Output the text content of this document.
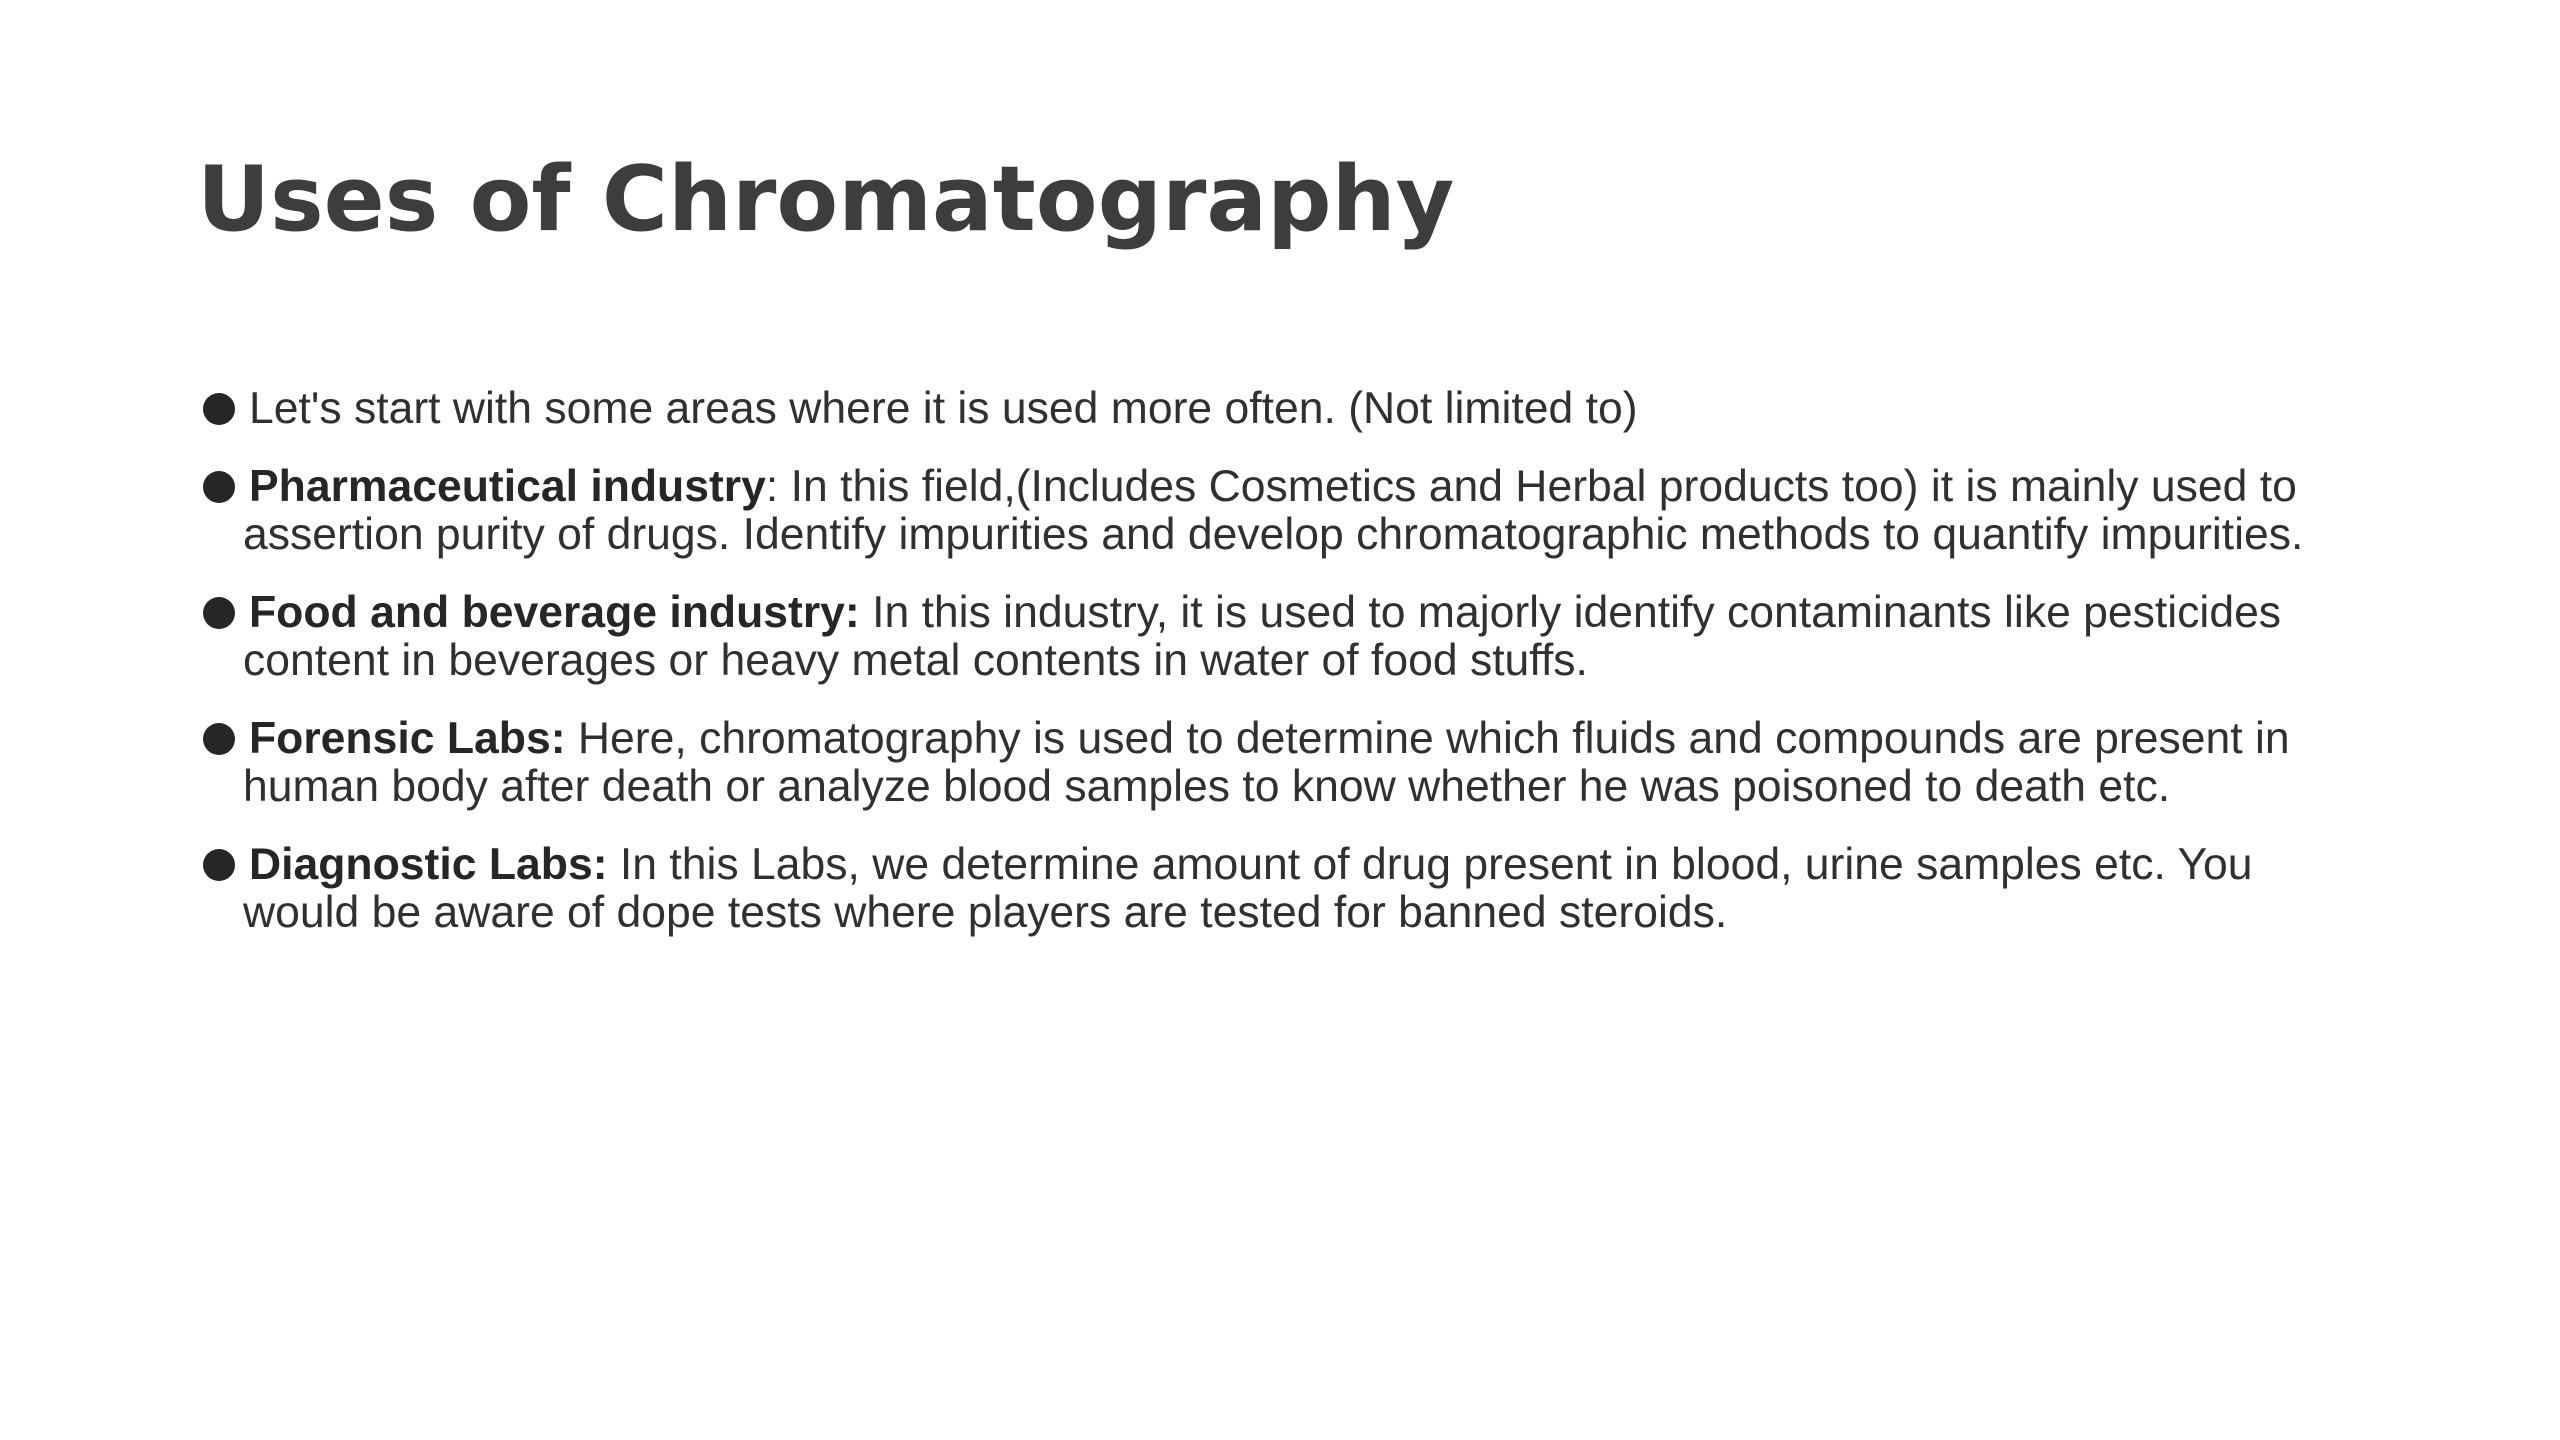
Uses of Chromatography
Let's start with some areas where it is used more often. (Not limited to)
Pharmaceutical industry: In this field,(Includes Cosmetics and Herbal products too) it is mainly used to
assertion purity of drugs. Identify impurities and develop chromatographic methods to quantify impurities.
Food and beverage industry: In this industry, it is used to majorly identify contaminants like pesticides
content in beverages or heavy metal contents in water of food stuffs.
Forensic Labs: Here, chromatography is used to determine which fluids and compounds are present in
human body after death or analyze blood samples to know whether he was poisoned to death etc.
Diagnostic Labs: In this Labs, we determine amount of drug present in blood, urine samples etc. You
would be aware of dope tests where players are tested for banned steroids.
